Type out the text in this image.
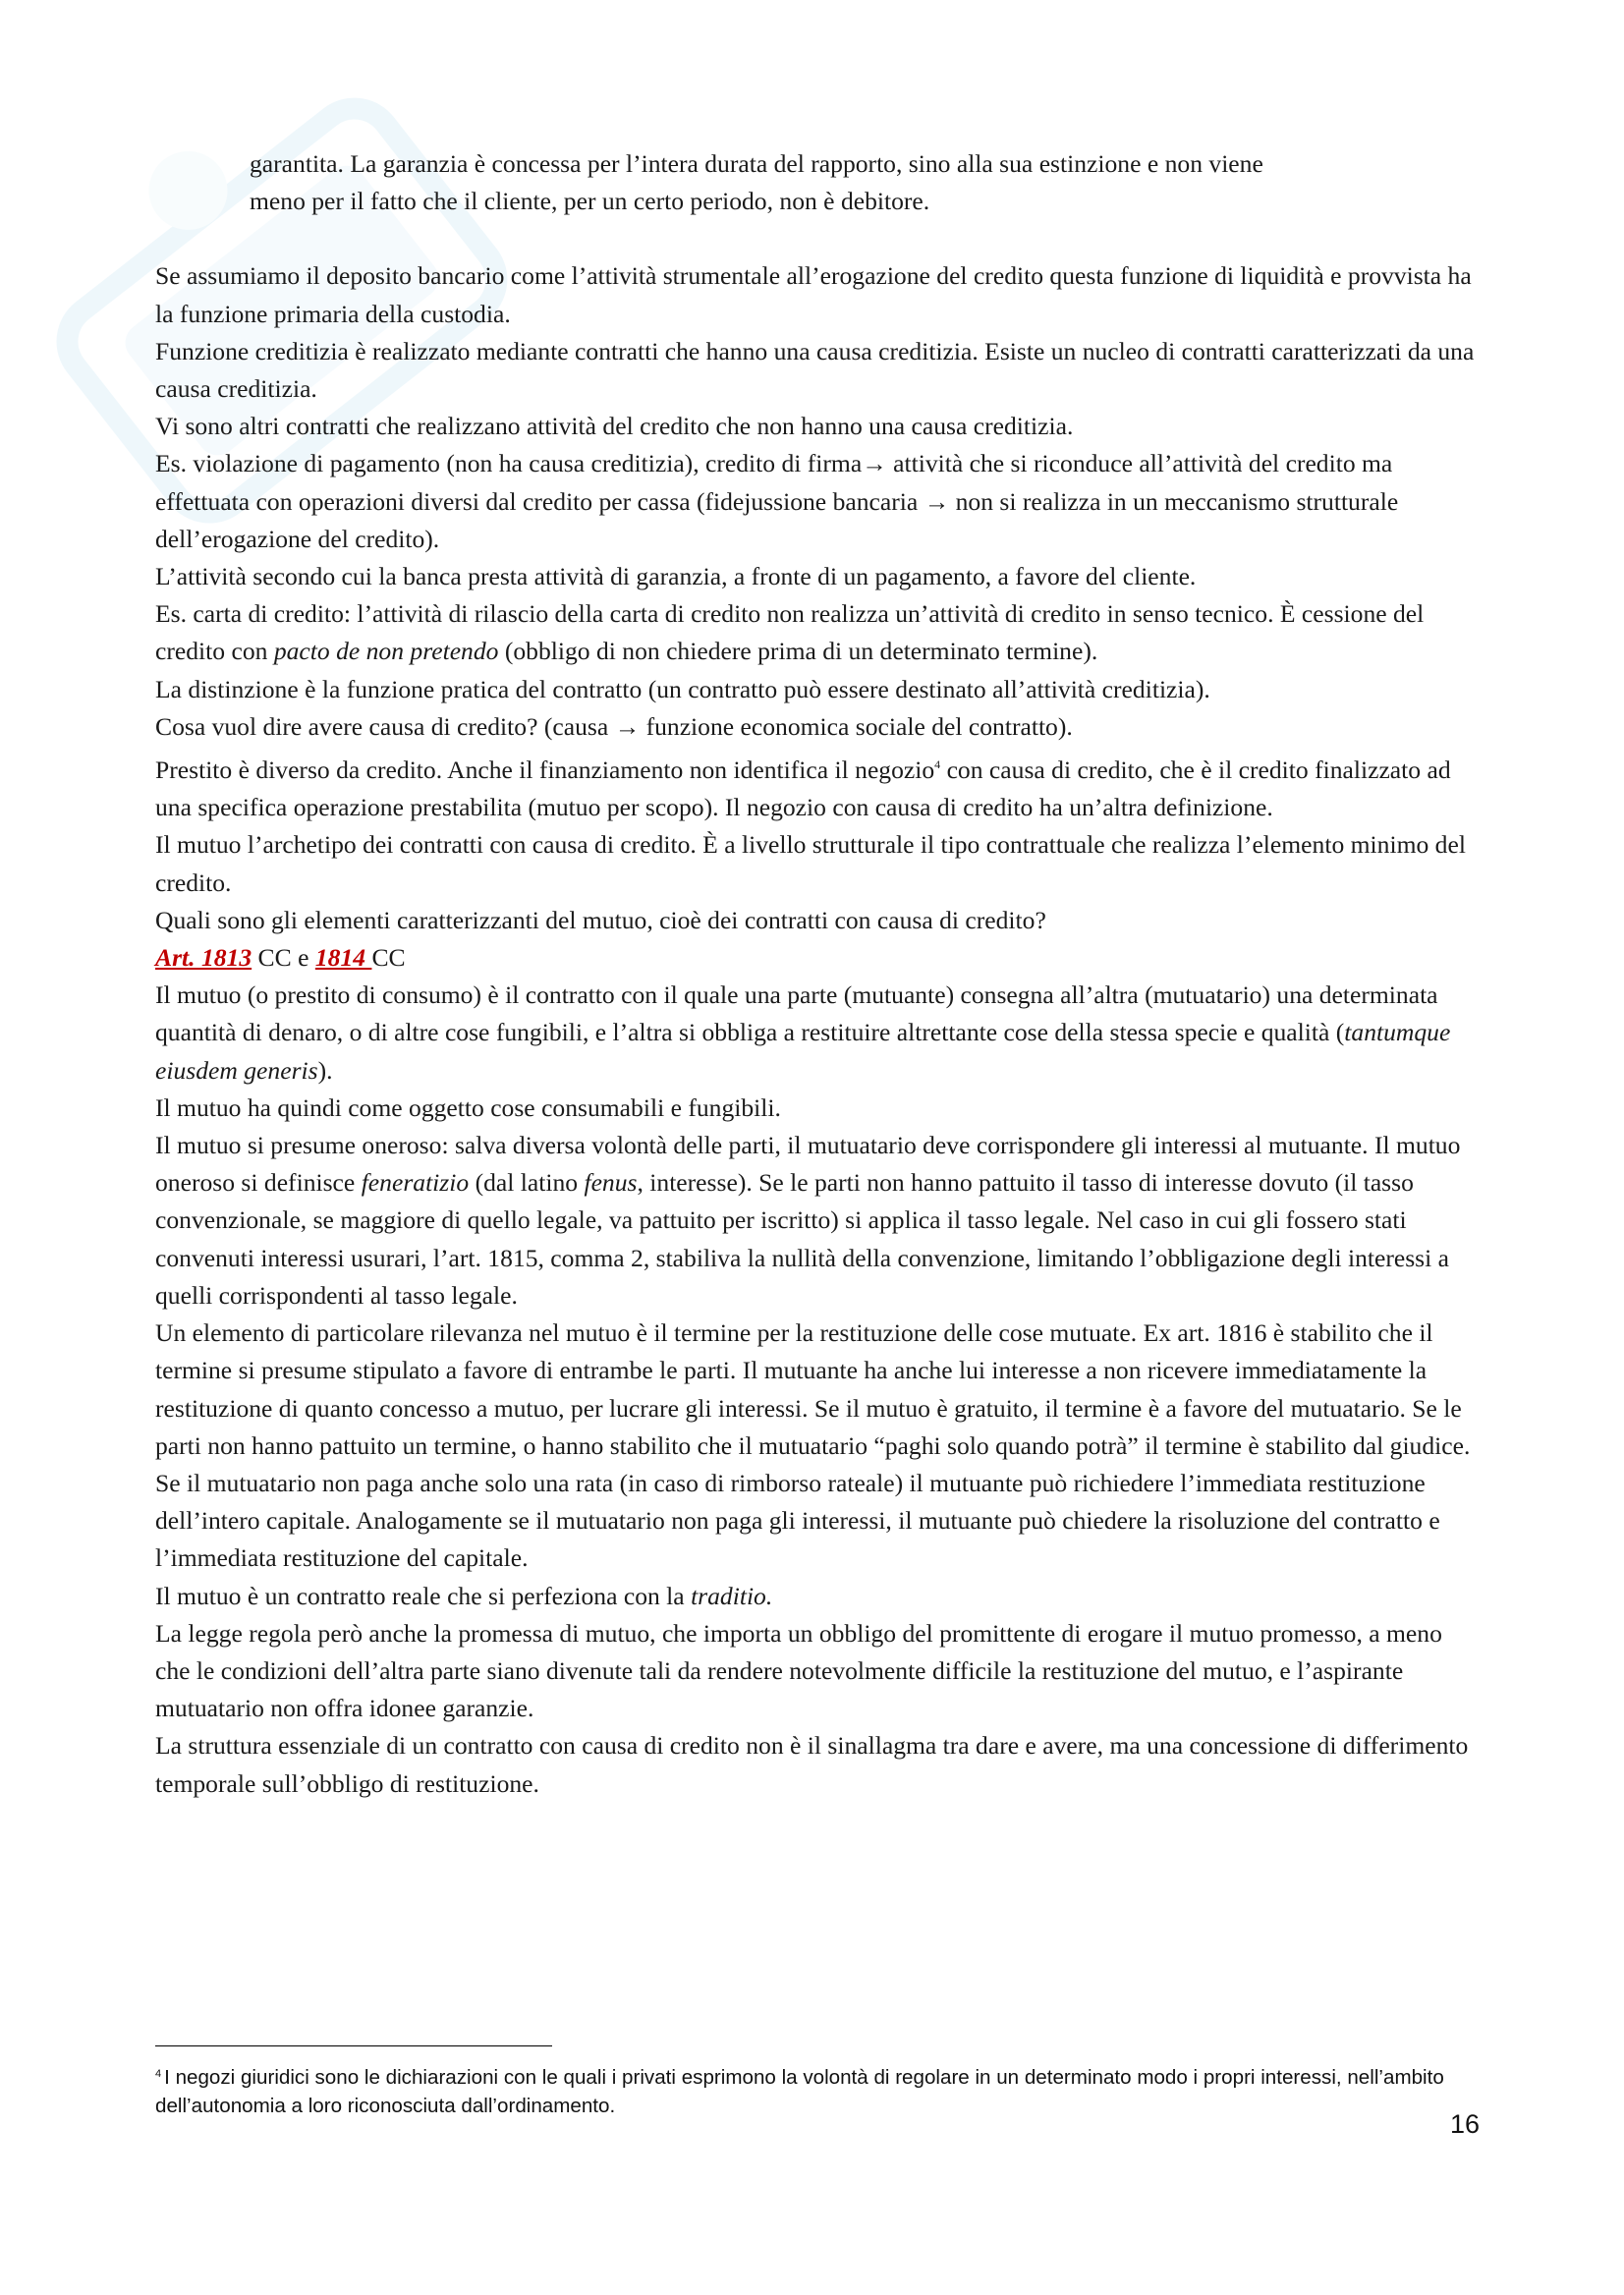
garantita. La garanzia è concessa per l’intera durata del rapporto, sino alla sua estinzione e non viene

meno per il fatto che il cliente, per un certo periodo, non è debitore.

Se assumiamo il deposito bancario come l’attività strumentale all’erogazione del credito questa funzione di liquidità e provvista ha la funzione primaria della custodia.

Funzione creditizia è realizzato mediante contratti che hanno una causa creditizia. Esiste un nucleo di contratti caratterizzati da una causa creditizia.

Vi sono altri contratti che realizzano attività del credito che non hanno una causa creditizia.

Es. violazione di pagamento (non ha causa creditizia), credito di firma→ attività che si riconduce all’attività del credito ma effettuata con operazioni diversi dal credito per cassa (fidejussione bancaria → non si realizza in un meccanismo strutturale dell’erogazione del credito).

L’attività secondo cui la banca presta attività di garanzia, a fronte di un pagamento, a favore del cliente.

Es. carta di credito: l’attività di rilascio della carta di credito non realizza un’attività di credito in senso tecnico. È cessione del credito con pacto de non pretendo (obbligo di non chiedere prima di un determinato termine).

La distinzione è la funzione pratica del contratto (un contratto può essere destinato all’attività creditizia).

Cosa vuol dire avere causa di credito? (causa → funzione economica sociale del contratto).

Prestito è diverso da credito. Anche il finanziamento non identifica il negozio$^4$ con causa di credito, che è il credito finalizzato ad una specifica operazione prestabilita (mutuo per scopo). Il negozio con causa di credito ha un’altra definizione.

Il mutuo l’archetipo dei contratti con causa di credito. È a livello strutturale il tipo contrattuale che realizza l’elemento minimo del credito.

Quali sono gli elementi caratterizzanti del mutuo, cioè dei contratti con causa di credito?

Art. 1813 CC e 1814 CC

Il mutuo (o prestito di consumo) è il contratto con il quale una parte (mutuante) consegna all’altra (mutuatario) una determinata quantità di denaro, o di altre cose fungibili, e l’altra si obbliga a restituire altrettante cose della stessa specie e qualità (tantumque eiusdem generis).

Il mutuo ha quindi come oggetto cose consumabili e fungibili.

Il mutuo si presume oneroso: salva diversa volontà delle parti, il mutuatario deve corrispondere gli interessi al mutuante. Il mutuo oneroso si definisce feneratizio (dal latino fenus, interesse). Se le parti non hanno pattuito il tasso di interesse dovuto (il tasso convenzionale, se maggiore di quello legale, va pattuito per iscritto) si applica il tasso legale. Nel caso in cui gli fossero stati convenuti interessi usurari, l’art. 1815, comma 2, stabiliva la nullità della convenzione, limitando l’obbligazione degli interessi a quelli corrispondenti al tasso legale.

Un elemento di particolare rilevanza nel mutuo è il termine per la restituzione delle cose mutuate. Ex art. 1816 è stabilito che il termine si presume stipulato a favore di entrambe le parti. Il mutuante ha anche lui interesse a non ricevere immediatamente la restituzione di quanto concesso a mutuo, per lucrare gli interessi. Se il mutuo è gratuito, il termine è a favore del mutuatario. Se le parti non hanno pattuito un termine, o hanno stabilito che il mutuatario “paghi solo quando potrà” il termine è stabilito dal giudice.

Se il mutuatario non paga anche solo una rata (in caso di rimborso rateale) il mutuante può richiedere l’immediata restituzione dell’intero capitale. Analogamente se il mutuatario non paga gli interessi, il mutuante può chiedere la risoluzione del contratto e l’immediata restituzione del capitale.

Il mutuo è un contratto reale che si perfeziona con la traditio.

La legge regola però anche la promessa di mutuo, che importa un obbligo del promittente di erogare il mutuo promesso, a meno che le condizioni dell’altra parte siano divenute tali da rendere notevolmente difficile la restituzione del mutuo, e l’aspirante mutuatario non offra idonee garanzie.

La struttura essenziale di un contratto con causa di credito non è il sinallagma tra dare e avere, ma una concessione di differimento temporale sull’obbligo di restituzione.

$^4$ I negozi giuridici sono le dichiarazioni con le quali i privati esprimono la volontà di regolare in un determinato modo i propri interessi, nell’ambito dell’autonomia a loro riconosciuta dall’ordinamento.
16
